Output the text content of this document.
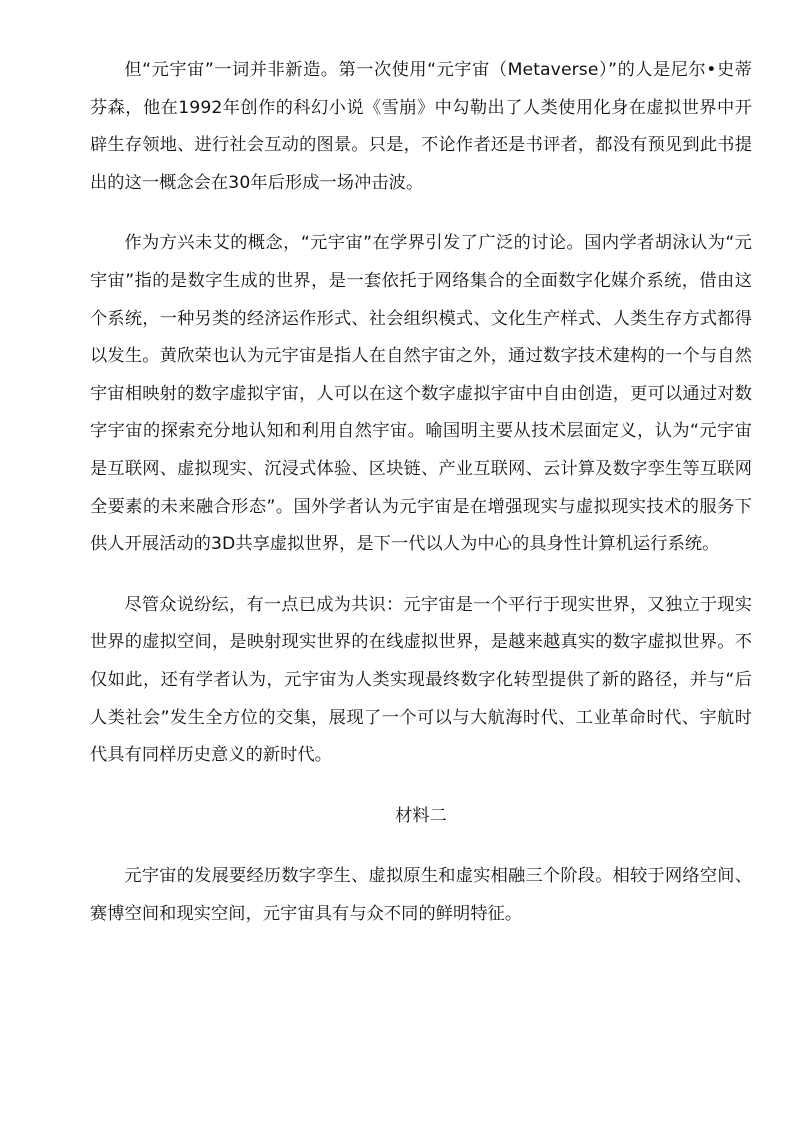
但“元宇宙”一词并非新造。第一次使用“元宇宙（Metaverse）”的人是尼尔•史蒂芬森，他在1992年创作的科幻小说《雪崩》中勾勒出了人类使用化身在虚拟世界中开辟生存领地、进行社会互动的图景。只是，不论作者还是书评者，都没有预见到此书提出的这一概念会在30年后形成一场冲击波。

作为方兴未艾的概念，“元宇宙”在学界引发了广泛的讨论。国内学者胡泳认为“元宇宙”指的是数字生成的世界，是一套依托于网络集合的全面数字化媒介系统，借由这个系统，一种另类的经济运作形式、社会组织模式、文化生产样式、人类生存方式都得以发生。黄欣荣也认为元宇宙是指人在自然宇宙之外，通过数字技术建构的一个与自然宇宙相映射的数字虚拟宇宙，人可以在这个数字虚拟宇宙中自由创造，更可以通过对数字宇宙的探索充分地认知和利用自然宇宙。喻国明主要从技术层面定义，认为“元宇宙是互联网、虚拟现实、沉浸式体验、区块链、产业互联网、云计算及数字孪生等互联网全要素的未来融合形态”。国外学者认为元宇宙是在增强现实与虚拟现实技术的服务下供人开展活动的3D共享虚拟世界，是下一代以人为中心的具身性计算机运行系统。

尽管众说纷纭，有一点已成为共识：元宇宙是一个平行于现实世界，又独立于现实世界的虚拟空间，是映射现实世界的在线虚拟世界，是越来越真实的数字虚拟世界。不仅如此，还有学者认为，元宇宙为人类实现最终数字化转型提供了新的路径，并与“后人类社会”发生全方位的交集，展现了一个可以与大航海时代、工业革命时代、宇航时代具有同样历史意义的新时代。

材料二

元宇宙的发展要经历数字孪生、虚拟原生和虚实相融三个阶段。相较于网络空间、赛博空间和现实空间，元宇宙具有与众不同的鲜明特征。
